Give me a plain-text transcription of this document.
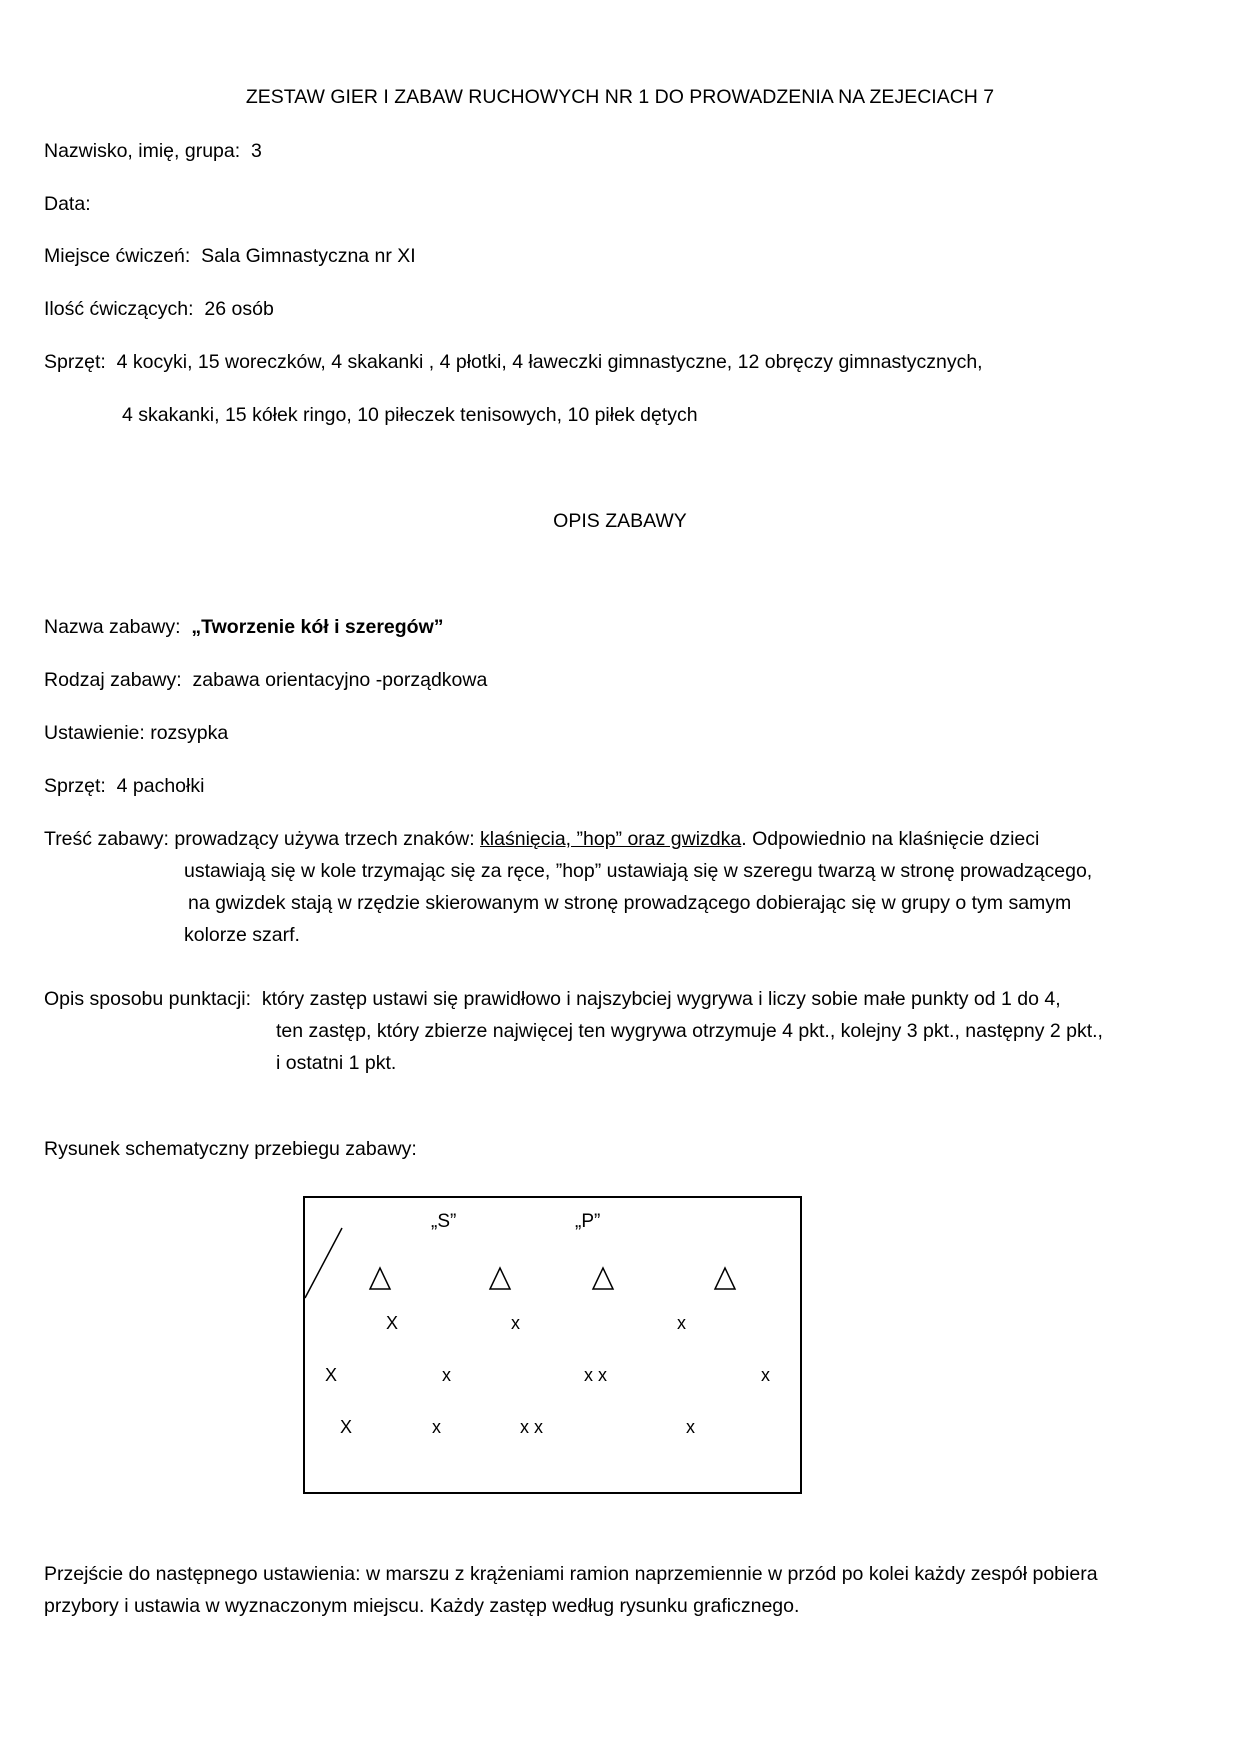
ZESTAW GIER I ZABAW RUCHOWYCH NR 1 DO PROWADZENIA NA ZEJECIACH 7
Nazwisko, imię, grupa: 3
Data:
Miejsce ćwiczeń: Sala Gimnastyczna nr XI
Ilość ćwiczących: 26 osób
Sprzęt: 4 kocyki, 15 woreczków, 4 skakanki , 4 płotki, 4 ławeczki gimnastyczne, 12 obręczy gimnastycznych,
4 skakanki, 15 kółek ringo, 10 piłeczek tenisowych, 10 piłek dętych
OPIS ZABAWY
Nazwa zabawy: „Tworzenie kół i szeregów”
Rodzaj zabawy: zabawa orientacyjno -porządkowa
Ustawienie: rozsypka
Sprzęt: 4 pachołki
Treść zabawy: prowadzący używa trzech znaków: klaśnięcia, ”hop” oraz gwizdka. Odpowiednio na klaśnięcie dzieci
ustawiają się w kole trzymając się za ręce, ”hop” ustawiają się w szeregu twarzą w stronę prowadzącego,
na gwizdek stają w rzędzie skierowanym w stronę prowadzącego dobierając się w grupy o tym samym
kolorze szarf.
Opis sposobu punktacji: który zastęp ustawi się prawidłowo i najszybciej wygrywa i liczy sobie małe punkty od 1 do 4,
ten zastęp, który zbierze najwięcej ten wygrywa otrzymuje 4 pkt., kolejny 3 pkt., następny 2 pkt.,
i ostatni 1 pkt.
Rysunek schematyczny przebiegu zabawy:
„S”	„P”
X	x	x
X	x	x x	x
X	x	x x	x
Przejście do następnego ustawienia: w marszu z krążeniami ramion naprzemiennie w przód po kolei każdy zespół pobiera
przybory i ustawia w wyznaczonym miejscu. Każdy zastęp według rysunku graficznego.
